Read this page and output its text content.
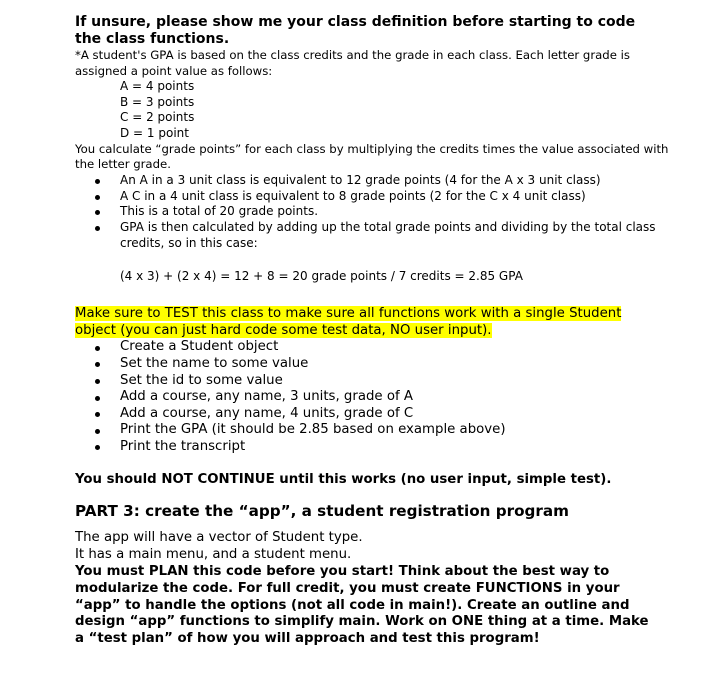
If unsure, please show me your class definition before starting to code the class functions.

*A student's GPA is based on the class credits and the grade in each class. Each letter grade is assigned a point value as follows:

A = 4 points
B = 3 points
C = 2 points
D = 1 point

You calculate “grade points” for each class by multiplying the credits times the value associated with the letter grade.

An A in a 3 unit class is equivalent to 12 grade points (4 for the A x 3 unit class)
A C in a 4 unit class is equivalent to 8 grade points (2 for the C x 4 unit class)
This is a total of 20 grade points.
GPA is then calculated by adding up the total grade points and dividing by the total class credits, so in this case:
(4 x 3) + (2 x 4) = 12 + 8 = 20 grade points / 7 credits = 2.85 GPA
Make sure to TEST this class to make sure all functions work with a single Student object (you can just hard code some test data, NO user input).
Create a Student object
Set the name to some value
Set the id to some value
Add a course, any name, 3 units, grade of A
Add a course, any name, 4 units, grade of C
Print the GPA (it should be 2.85 based on example above)
Print the transcript
You should NOT CONTINUE until this works (no user input, simple test).
PART 3: create the “app”, a student registration program
The app will have a vector of Student type.
It has a main menu, and a student menu.
You must PLAN this code before you start! Think about the best way to modularize the code. For full credit, you must create FUNCTIONS in your “app” to handle the options (not all code in main!). Create an outline and design “app” functions to simplify main. Work on ONE thing at a time. Make a “test plan” of how you will approach and test this program!
